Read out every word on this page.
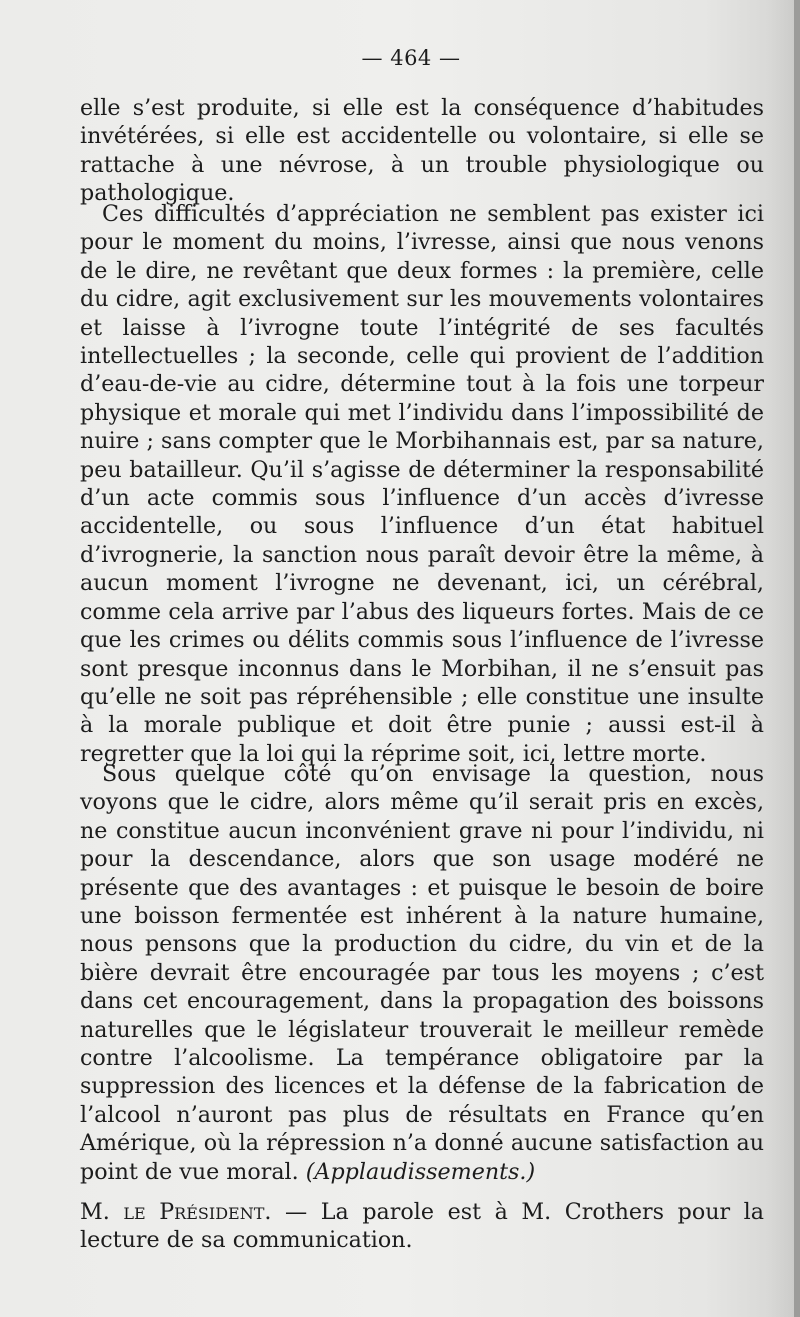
— 464 —

elle s’est produite, si elle est la conséquence d’habitudes invétérées, si elle est accidentelle ou volontaire, si elle se rattache à une névrose, à un trouble physiologique ou pathologique.

Ces difficultés d’appréciation ne semblent pas exister ici pour le moment du moins, l’ivresse, ainsi que nous venons de le dire, ne revêtant que deux formes : la première, celle du cidre, agit exclusivement sur les mouvements volontaires et laisse à l’ivrogne toute l’intégrité de ses facultés intellectuelles ; la seconde, celle qui provient de l’addition d’eau-de-vie au cidre, détermine tout à la fois une torpeur physique et morale qui met l’individu dans l’impossibilité de nuire ; sans compter que le Morbihannais est, par sa nature, peu batailleur. Qu’il s’agisse de déterminer la responsabilité d’un acte commis sous l’influence d’un accès d’ivresse accidentelle, ou sous l’influence d’un état habituel d’ivrognerie, la sanction nous paraît devoir être la même, à aucun moment l’ivrogne ne devenant, ici, un cérébral, comme cela arrive par l’abus des liqueurs fortes. Mais de ce que les crimes ou délits commis sous l’influence de l’ivresse sont presque inconnus dans le Morbihan, il ne s’ensuit pas qu’elle ne soit pas répréhensible ; elle constitue une insulte à la morale publique et doit être punie ; aussi est-il à regretter que la loi qui la réprime soit, ici, lettre morte.

Sous quelque côté qu’on envisage la question, nous voyons que le cidre, alors même qu’il serait pris en excès, ne constitue aucun inconvénient grave ni pour l’individu, ni pour la descendance, alors que son usage modéré ne présente que des avantages : et puisque le besoin de boire une boisson fermentée est inhérent à la nature humaine, nous pensons que la production du cidre, du vin et de la bière devrait être encouragée par tous les moyens ; c’est dans cet encouragement, dans la propagation des boissons naturelles que le législateur trouverait le meilleur remède contre l’alcoolisme. La tempérance obligatoire par la suppression des licences et la défense de la fabrication de l’alcool n’auront pas plus de résultats en France qu’en Amérique, où la répression n’a donné aucune satisfaction au point de vue moral. (Applaudissements.)

M. le Président. — La parole est à M. Crothers pour la lecture de sa communication.
